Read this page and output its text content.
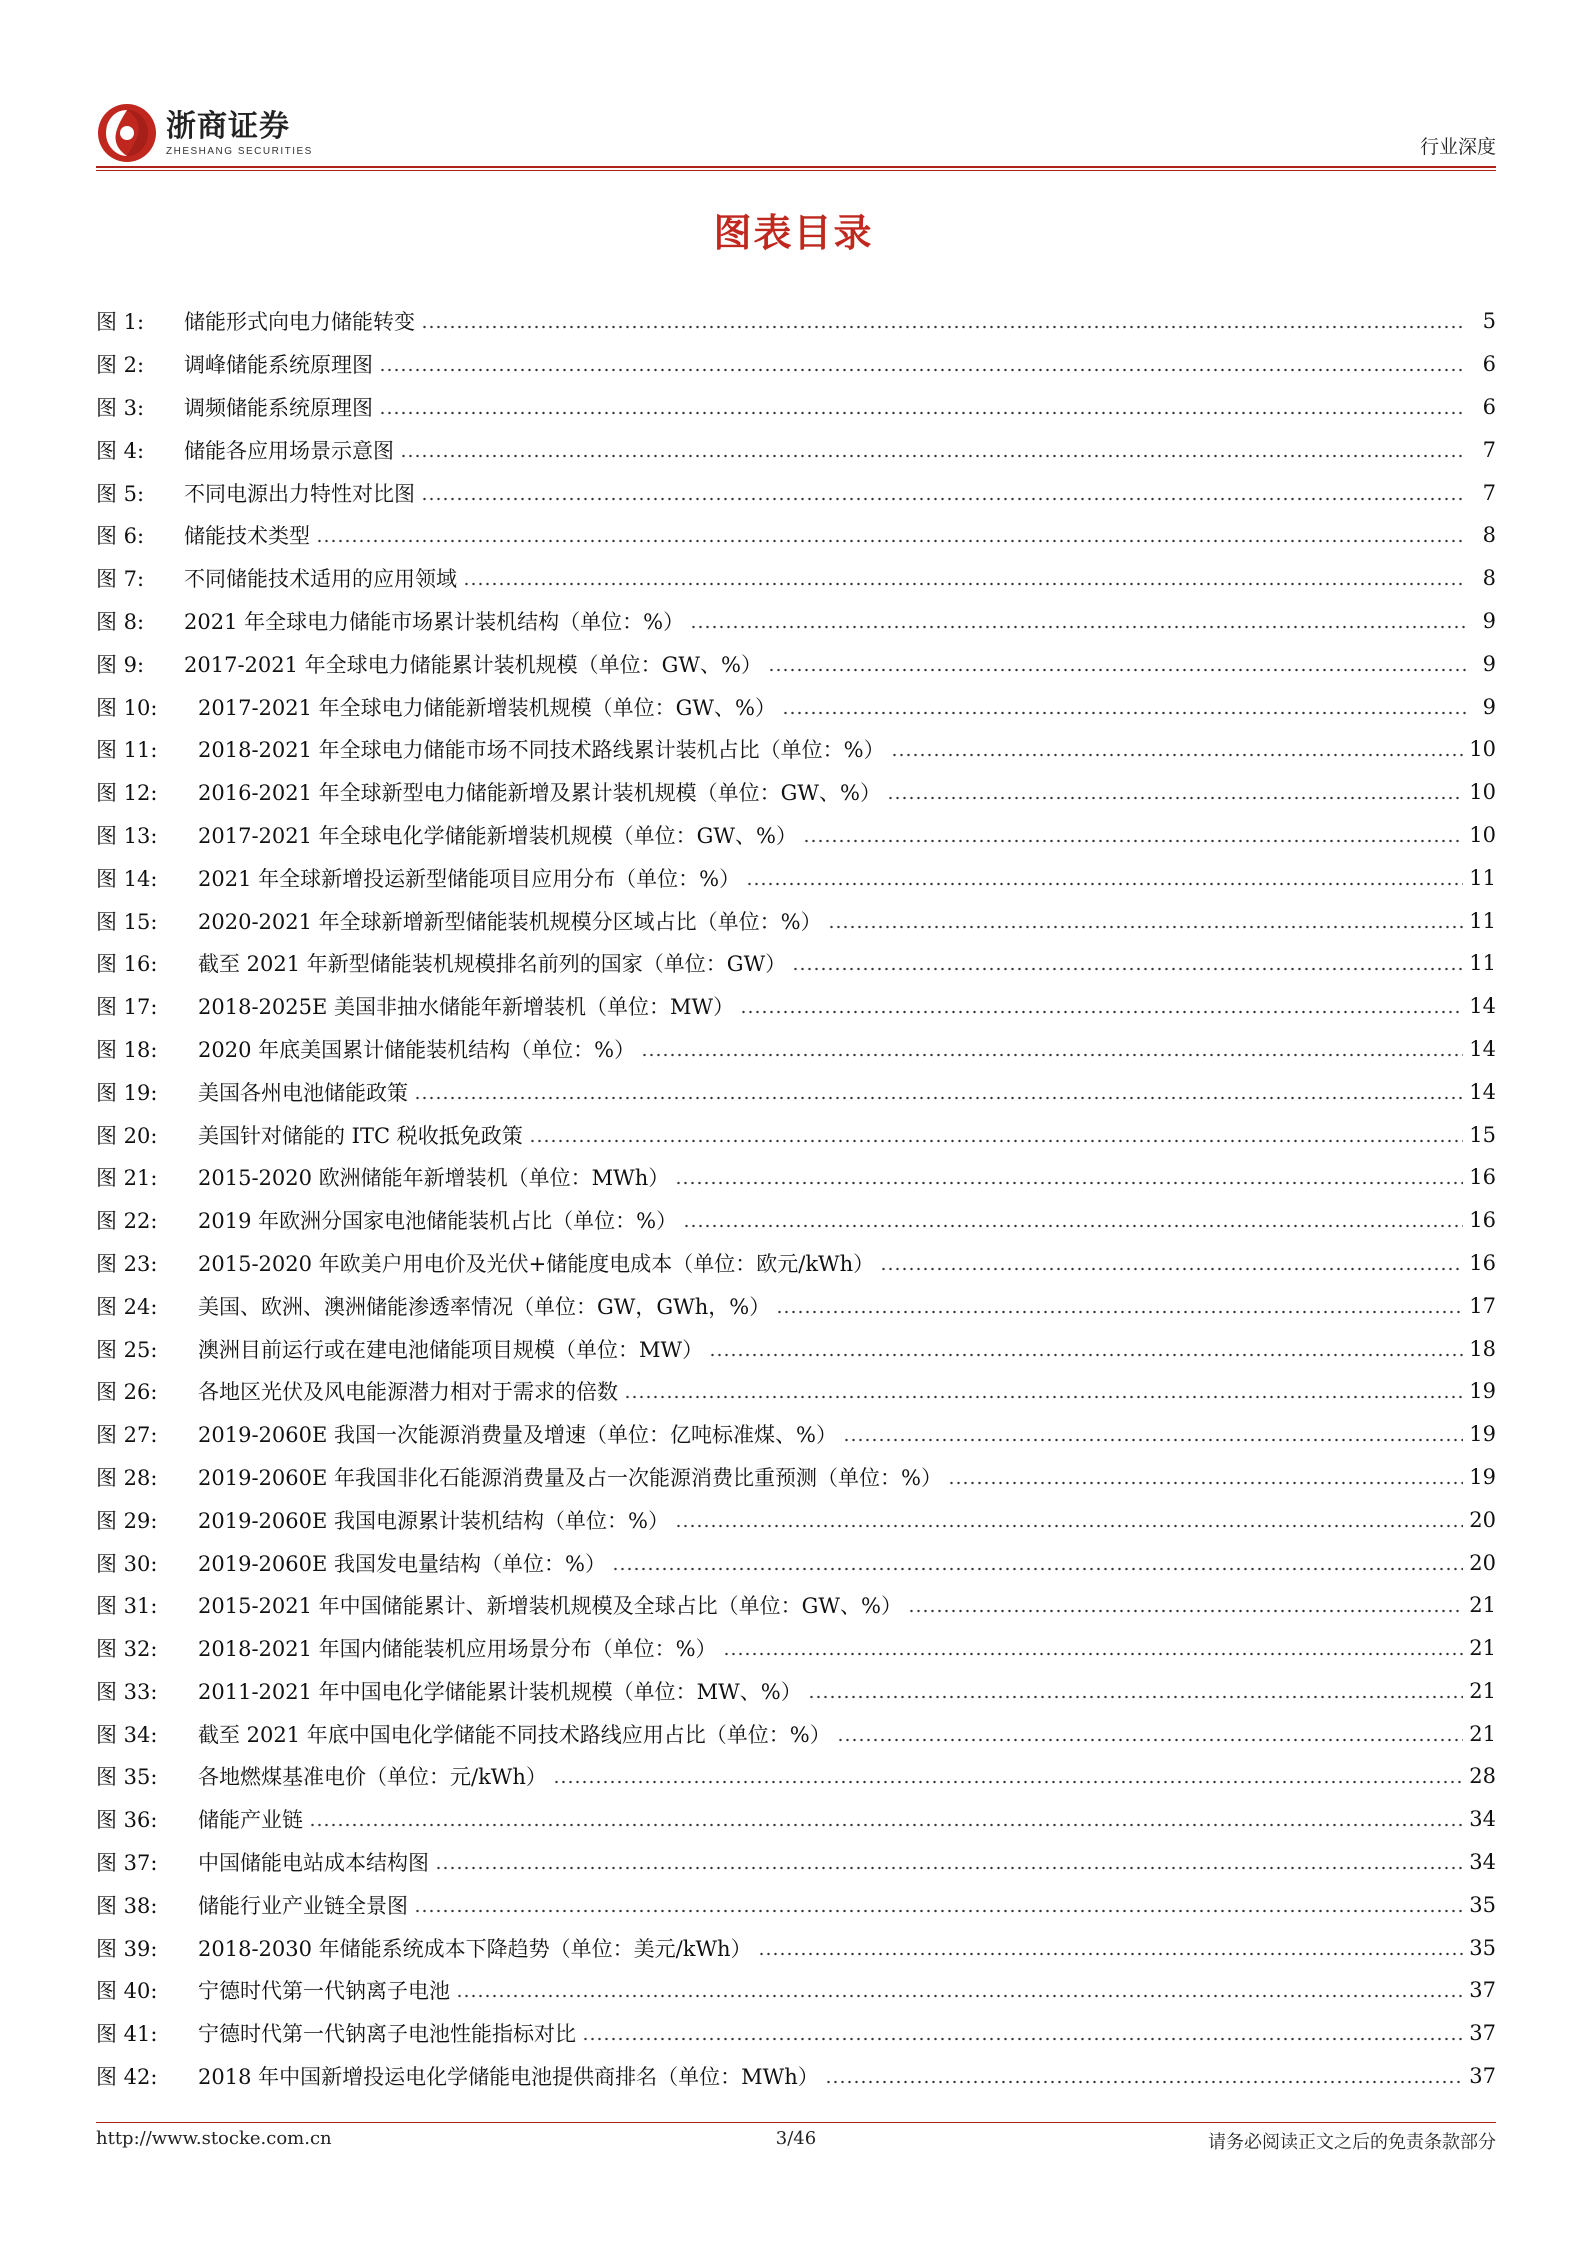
浙商证券
ZHESHANG SECURITIES	行业深度
图表目录
图 1:	储能形式向电力储能转变	5
图 2:	调峰储能系统原理图	6
图 3:	调频储能系统原理图	6
图 4:	储能各应用场景示意图	7
图 5:	不同电源出力特性对比图	7
图 6:	储能技术类型	8
图 7:	不同储能技术适用的应用领域	8
图 8:	2021 年全球电力储能市场累计装机结构（单位：%）	9
图 9:	2017-2021 年全球电力储能累计装机规模（单位：GW、%）	9
图 10:	2017-2021 年全球电力储能新增装机规模（单位：GW、%）	9
图 11:	2018-2021 年全球电力储能市场不同技术路线累计装机占比（单位：%）	10
图 12:	2016-2021 年全球新型电力储能新增及累计装机规模（单位：GW、%）	10
图 13:	2017-2021 年全球电化学储能新增装机规模（单位：GW、%）	10
图 14:	2021 年全球新增投运新型储能项目应用分布（单位：%）	11
图 15:	2020-2021 年全球新增新型储能装机规模分区域占比（单位：%）	11
图 16:	截至 2021 年新型储能装机规模排名前列的国家（单位：GW）	11
图 17:	2018-2025E 美国非抽水储能年新增装机（单位：MW）	14
图 18:	2020 年底美国累计储能装机结构（单位：%）	14
图 19:	美国各州电池储能政策	14
图 20:	美国针对储能的 ITC 税收抵免政策	15
图 21:	2015-2020 欧洲储能年新增装机（单位：MWh）	16
图 22:	2019 年欧洲分国家电池储能装机占比（单位：%）	16
图 23:	2015-2020 年欧美户用电价及光伏+储能度电成本（单位：欧元/kWh）	16
图 24:	美国、欧洲、澳洲储能渗透率情况（单位：GW，GWh，%）	17
图 25:	澳洲目前运行或在建电池储能项目规模（单位：MW）	18
图 26:	各地区光伏及风电能源潜力相对于需求的倍数	19
图 27:	2019-2060E 我国一次能源消费量及增速（单位：亿吨标准煤、%）	19
图 28:	2019-2060E 年我国非化石能源消费量及占一次能源消费比重预测（单位：%）	19
图 29:	2019-2060E 我国电源累计装机结构（单位：%）	20
图 30:	2019-2060E 我国发电量结构（单位：%）	20
图 31:	2015-2021 年中国储能累计、新增装机规模及全球占比（单位：GW、%）	21
图 32:	2018-2021 年国内储能装机应用场景分布（单位：%）	21
图 33:	2011-2021 年中国电化学储能累计装机规模（单位：MW、%）	21
图 34:	截至 2021 年底中国电化学储能不同技术路线应用占比（单位：%）	21
图 35:	各地燃煤基准电价（单位：元/kWh）	28
图 36:	储能产业链	34
图 37:	中国储能电站成本结构图	34
图 38:	储能行业产业链全景图	35
图 39:	2018-2030 年储能系统成本下降趋势（单位：美元/kWh）	35
图 40:	宁德时代第一代钠离子电池	37
图 41:	宁德时代第一代钠离子电池性能指标对比	37
图 42:	2018 年中国新增投运电化学储能电池提供商排名（单位：MWh）	37
http://www.stocke.com.cn	3/46	请务必阅读正文之后的免责条款部分
